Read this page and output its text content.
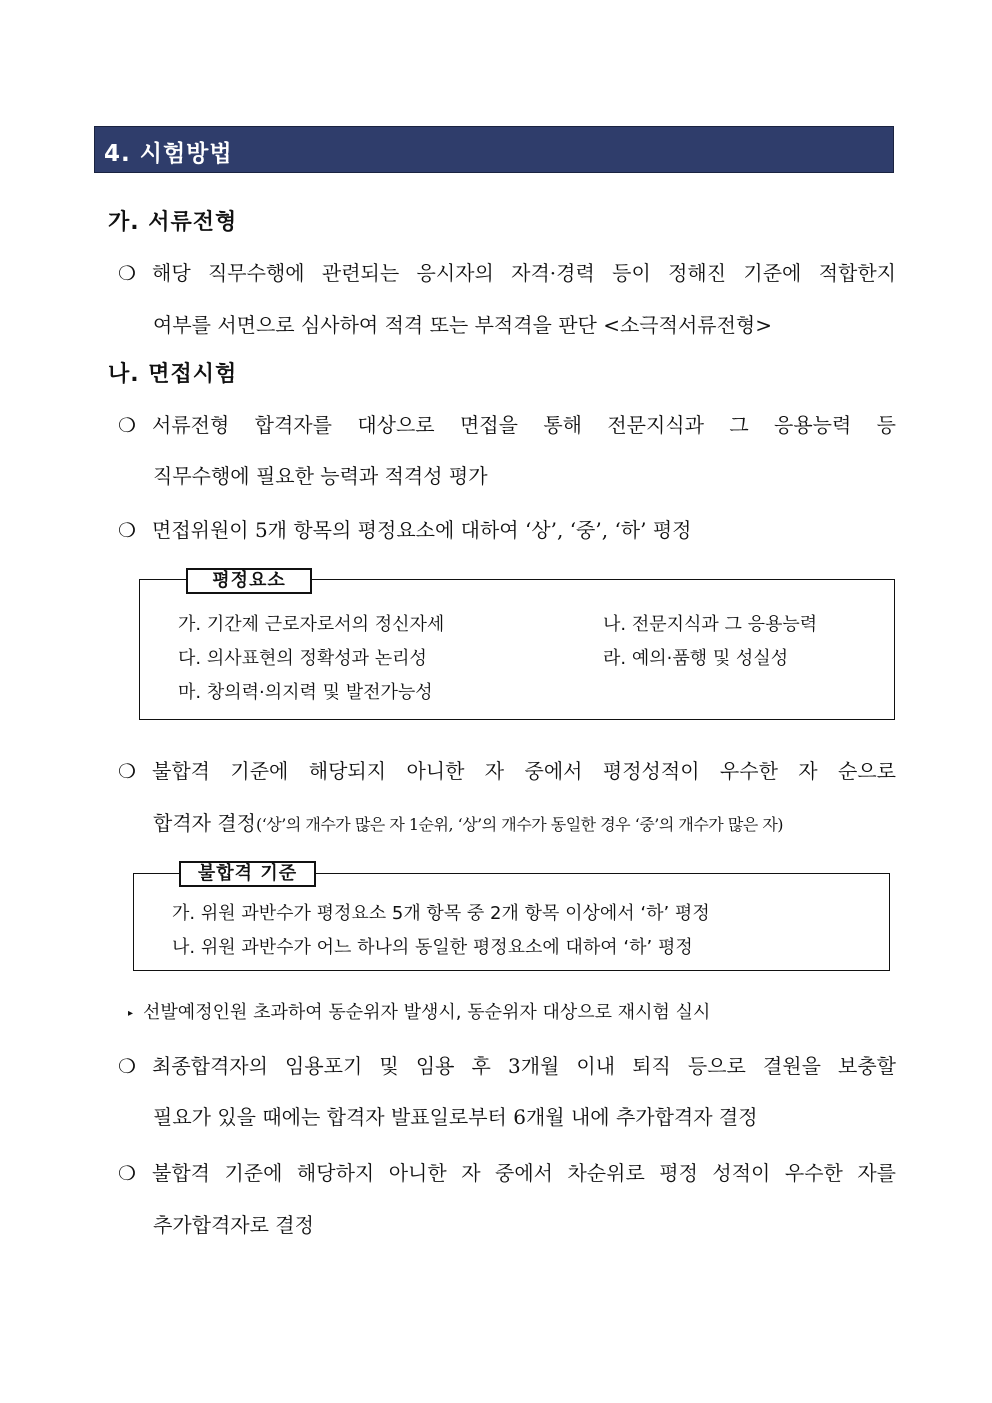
4. 시험방법
가. 서류전형
❍ 해당 직무수행에 관련되는 응시자의 자격·경력 등이 정해진 기준에 적합한지
여부를 서면으로 심사하여 적격 또는 부적격을 판단 <소극적서류전형>
나. 면접시험
❍ 서류전형 합격자를 대상으로 면접을 통해 전문지식과 그 응용능력 등
직무수행에 필요한 능력과 적격성 평가
❍ 면접위원이 5개 항목의 평정요소에 대하여 ‘상’, ‘중’, ‘하’ 평정
평정요소
가. 기간제 근로자로서의 정신자세	나. 전문지식과 그 응용능력
다. 의사표현의 정확성과 논리성	라. 예의·품행 및 성실성
마. 창의력·의지력 및 발전가능성
❍ 불합격 기준에 해당되지 아니한 자 중에서 평정성적이 우수한 자 순으로
합격자 결정(‘상’의 개수가 많은 자 1순위, ‘상’의 개수가 동일한 경우 ‘중’의 개수가 많은 자)
불합격 기준
가. 위원 과반수가 평정요소 5개 항목 중 2개 항목 이상에서 ‘하’ 평정
나. 위원 과반수가 어느 하나의 동일한 평정요소에 대하여 ‘하’ 평정
▸ 선발예정인원 초과하여 동순위자 발생시, 동순위자 대상으로 재시험 실시
❍ 최종합격자의 임용포기 및 임용 후 3개월 이내 퇴직 등으로 결원을 보충할
필요가 있을 때에는 합격자 발표일로부터 6개월 내에 추가합격자 결정
❍ 불합격 기준에 해당하지 아니한 자 중에서 차순위로 평정 성적이 우수한 자를
추가합격자로 결정
